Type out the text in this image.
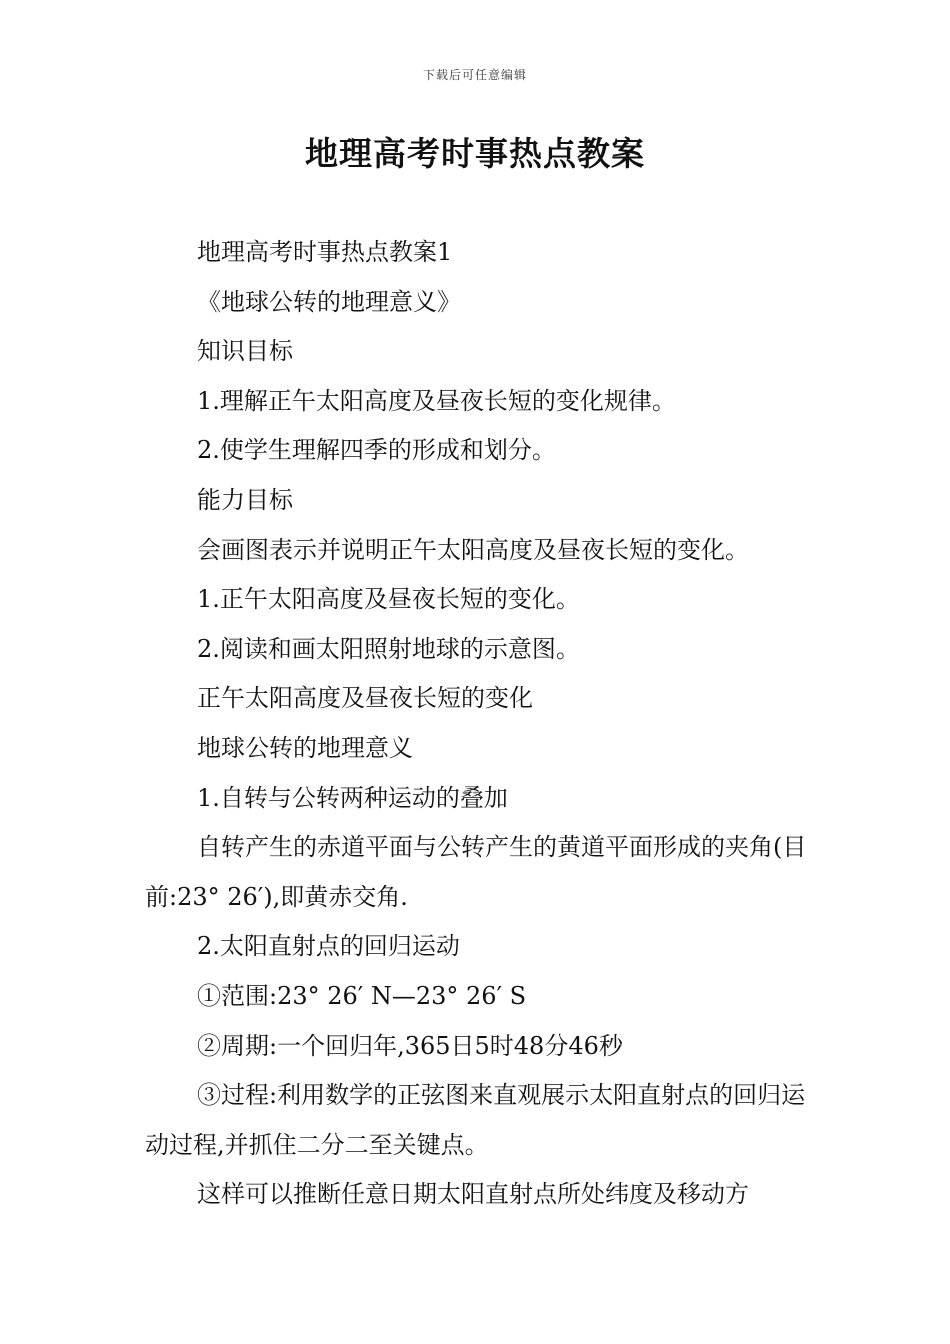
下载后可任意编辑
地理高考时事热点教案

地理高考时事热点教案1

《地球公转的地理意义》

知识目标

1.理解正午太阳高度及昼夜长短的变化规律。

2.使学生理解四季的形成和划分。

能力目标

会画图表示并说明正午太阳高度及昼夜长短的变化。

1.正午太阳高度及昼夜长短的变化。

2.阅读和画太阳照射地球的示意图。

正午太阳高度及昼夜长短的变化

地球公转的地理意义

1.自转与公转两种运动的叠加

自转产生的赤道平面与公转产生的黄道平面形成的夹角(目前:23° 26′),即黄赤交角.

2.太阳直射点的回归运动

①范围:23° 26′ N—23° 26′ S

②周期:一个回归年,365日5时48分46秒

③过程:利用数学的正弦图来直观展示太阳直射点的回归运动过程,并抓住二分二至关键点。

这样可以推断任意日期太阳直射点所处纬度及移动方
